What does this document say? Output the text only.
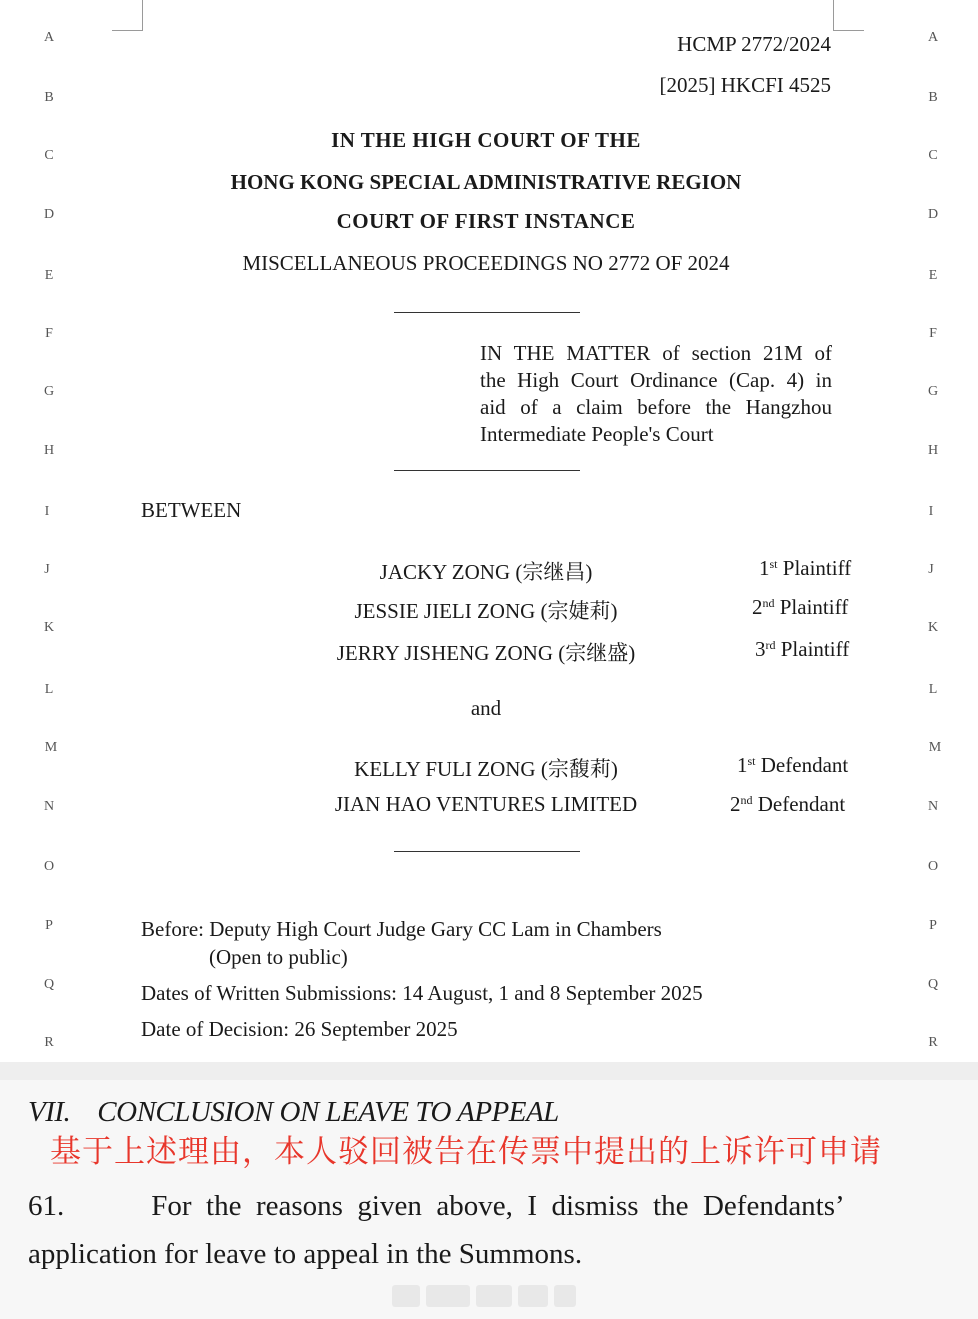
A
B
C
D
E
F
G
H
I
J
K
L
M
N
O
P
Q
R
A
B
C
D
E
F
G
H
I
J
K
L
M
N
O
P
Q
R
HCMP 2772/2024
[2025] HKCFI 4525
IN THE HIGH COURT OF THE
HONG KONG SPECIAL ADMINISTRATIVE REGION
COURT OF FIRST INSTANCE
MISCELLANEOUS PROCEEDINGS NO 2772 OF 2024
IN THE MATTER of section 21M of
the High Court Ordinance (Cap. 4) in
aid of a claim before the Hangzhou
Intermediate People's Court
BETWEEN
JACKY ZONG (宗继昌)	1st Plaintiff
JESSIE JIELI ZONG (宗婕莉)	2nd Plaintiff
JERRY JISHENG ZONG (宗继盛)	3rd Plaintiff
and
KELLY FULI ZONG (宗馥莉)	1st Defendant
JIAN HAO VENTURES LIMITED	2nd Defendant
Before: Deputy High Court Judge Gary CC Lam in Chambers
(Open to public)
Dates of Written Submissions: 14 August, 1 and 8 September 2025
Date of Decision: 26 September 2025
VII.    CONCLUSION ON LEAVE TO APPEAL
基于上述理由，本人驳回被告在传票中提出的上诉许可申请
61.            For  the  reasons  given  above,  I  dismiss  the  Defendants’
application for leave to appeal in the Summons.
